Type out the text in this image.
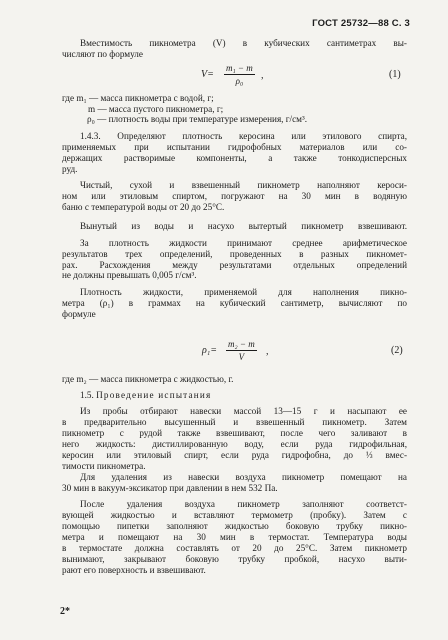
ГОСТ 25732—88 С. 3
Вместимость пикнометра (V) в кубических сантиметрах вы-
числяют по формуле
V=
m₁ − m
ρ₀	,	(1)
где m₁ — масса пикнометра с водой, г;
m — масса пустого пикнометра, г;
ρ₀ — плотность воды при температуре измерения, г/см³.
1.4.3. Определяют плотность керосина или этилового спирта,
применяемых при испытании гидрофобных материалов или со-
держащих растворимые компоненты, а также тонкодисперсных
руд.
Чистый, сухой и взвешенный пикнометр наполняют кероси-
ном или этиловым спиртом, погружают на 30 мин в водяную
баню с температурой воды от 20 до 25°С.
Вынутый из воды и насухо вытертый пикнометр взвешивают.
За плотность жидкости принимают среднее арифметическое
результатов трех определений, проведенных в разных пикномет-
рах. Расхождения между результатами отдельных определений
не должны превышать 0,005 г/см³.
Плотность жидкости, применяемой для наполнения пикно-
метра (ρ₁) в граммах на кубический сантиметр, вычисляют по
формуле
ρ₁=
m₂ − m
V	,	(2)
где m₂ — масса пикнометра с жидкостью, г.
1.5. Проведение испытания
Из пробы отбирают навески массой 13—15 г и насыпают ее
в предварительно высушенный и взвешенный пикнометр. Затем
пикнометр с рудой также взвешивают, после чего заливают в
него жидкость: дистиллированную воду, если руда гидрофильная,
керосин или этиловый спирт, если руда гидрофобна, до ⅓ вмес-
тимости пикнометра.
Для удаления из навески воздуха пикнометр помещают на
30 мин в вакуум-эксикатор при давлении в нем 532 Па.
После удаления воздуха пикнометр заполняют соответст-
вующей жидкостью и вставляют термометр (пробку). Затем с
помощью пипетки заполняют жидкостью боковую трубку пикно-
метра и помещают на 30 мин в термостат. Температура воды
в термостате должна составлять от 20 до 25°С. Затем пикнометр
вынимают, закрывают боковую трубку пробкой, насухо выти-
рают его поверхность и взвешивают.
2*
